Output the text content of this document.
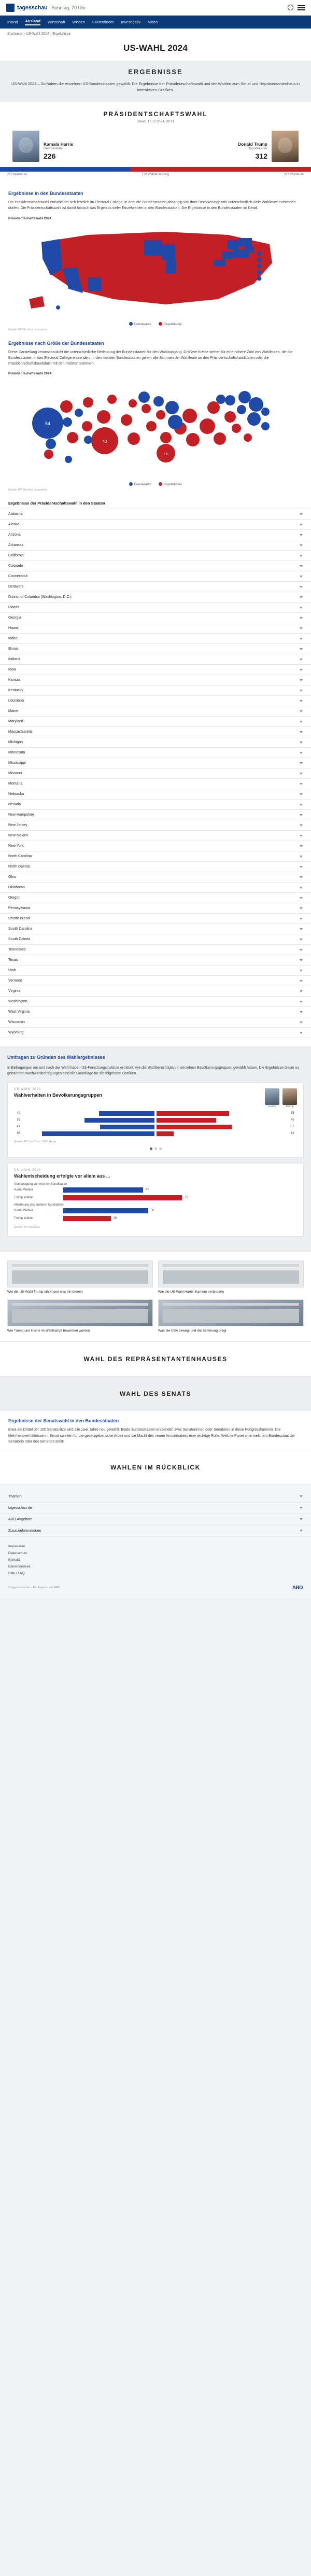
tagesschau Sonntag, 20 Uhr
Inland Ausland Wirtschaft Wissen Faktenfinder Investigativ Video
Startseite › US-Wahl 2024 › Ergebnisse
US-WAHL 2024
ERGEBNISSE

US-Wahl 2024 – So haben die einzelnen US-Bundesstaaten gewählt: Die Ergebnisse der Präsidentschaftswahl und der Wahlen zum Senat und Repräsentantenhaus in interaktiven Grafiken.

PRÄSIDENTSCHAFTSWAHL
Stand: 17.12.2024, 08:11
Kamala Harris
Demokraten
226
Donald Trump
Republikaner
312
226 Wahlleute	270 Wahlleute nötig	312 Wahlleute
Ergebnisse in den Bundesstaaten

Die Präsidentschaftswahl entscheidet sich letztlich im Electoral College, in dem die Bundesstaaten abhängig von ihrer Bevölkerungszahl unterschiedlich viele Wahlleute entsenden dürfen. Die Präsidentschaftswahl ist damit faktisch das Ergebnis vieler Einzelwahlen in den Bundesstaaten. Die Ergebnisse in den Bundesstaaten im Detail:

Präsidentschaftswahl 2024
Demokraten	Republikaner
Quelle: AP/Election Laboratory
Ergebnisse nach Größe der Bundesstaaten

Diese Darstellung veranschaulicht die unterschiedliche Bedeutung der Bundesstaaten für den Wahlausgang. Größere Kreise stehen für eine höhere Zahl von Wahlleuten, die die Bundesstaaten in das Electoral College entsenden. In den meisten Bundesstaaten gehen alle Stimmen der Wahlleute an den Präsidentschaftskandidaten oder die Präsidentschaftskandidatin mit den meisten Stimmen.

Präsidentschaftswahl 2024
40
54
16
Demokraten	Republikaner
Quelle: AP/Election Laboratory
Ergebnisse der Präsidentschaftswahl in den Staaten
Alabama
Alaska
Arizona
Arkansas
California
Colorado
Connecticut
Delaware
District of Columbia (Washington, D.C.)
Florida
Georgia
Hawaii
Idaho
Illinois
Indiana
Iowa
Kansas
Kentucky
Louisiana
Maine
Maryland
Massachusetts
Michigan
Minnesota
Mississippi
Missouri
Montana
Nebraska
Nevada
New Hampshire
New Jersey
New Mexico
New York
North Carolina
North Dakota
Ohio
Oklahoma
Oregon
Pennsylvania
Rhode Island
South Carolina
South Dakota
Tennessee
Texas
Utah
Vermont
Virginia
Washington
West Virginia
Wisconsin
Wyoming
Umfragen zu Gründen des Wahlergebnisses

In Befragungen am und nach der Wahl haben US-Forschungsinstitute ermittelt, wie die Wahlberechtigten in einzelnen Bevölkerungsgruppen gewählt haben. Die Ergebnisse dieser so genannten Nachwahlbefragungen sind die Grundlage für die folgenden Grafiken.

US-WAHL 2024
Wahlverhalten in Bevölkerungsgruppen
Harris	Trump
42	55
53	45
41	57
85	13
Quelle: AP VoteCast / NBC News
US-WAHL 2024
Wahlentscheidung erfolgte vor allem aus ...
Überzeugung von meinem Kandidaten
Harris Wähler	47
Trump Wähler	70
Ablehnung des anderen Kandidaten
Harris Wähler	50
Trump Wähler	28
Quelle: AP VoteCast
Wie die US-Wahl Trump stärkt und was ihn bremst	Wie die US-Wahl Harris' Karriere veränderte
Wie Trump und Harris im Wahlkampf beworben wurden	Was die USA bewegt und die Stimmung prägt
WAHL DES REPRÄSENTANTENHAUSES
WAHL DES SENATS
Ergebnisse der Senatswahl in den Bundesstaaten

Etwa ein Drittel der 100 Senatssitze wird alle zwei Jahre neu gewählt. Beide Bundesstaaten entsenden zwei Senatorinnen oder Senatoren in diese Kongresskammer. Die Mehrheitsverhältnisse im Senat spielten für die gesetzgeberische Arbeit und die Macht des neuen Amtsinhabers eine wichtige Rolle. Welche Partei ist in welchem Bundesstaat der Senatorin oder des Senators stellt:

WAHLEN IM RÜCKBLICK
Themen
tagesschau.de
ARD Angebote
Zusatzinformationen
Impressum
Datenschutz
Kontakt
Barrierefreiheit
Hilfe / FAQ
© tagesschau.de – Ein Angebot der ARD	ARD
